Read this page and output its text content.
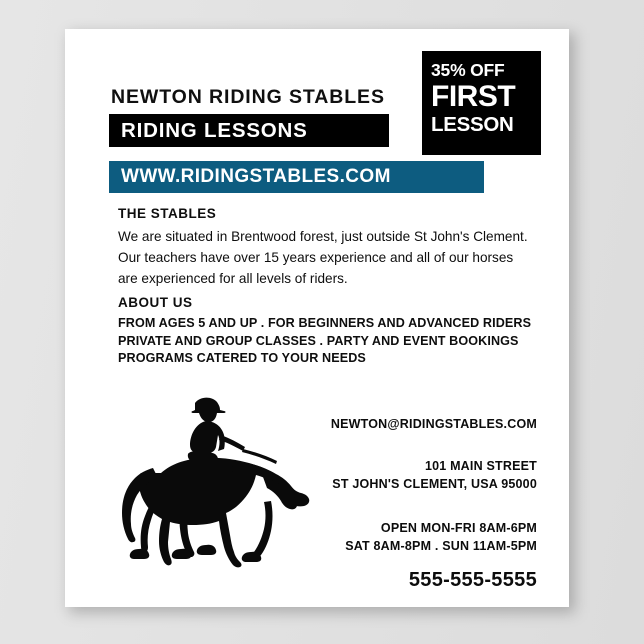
35% OFF
FIRST
LESSON
NEWTON RIDING STABLES
RIDING LESSONS
WWW.RIDINGSTABLES.COM
THE STABLES
We are situated in Brentwood forest, just outside St John's Clement. Our teachers have over 15 years experience and all of our horses are experienced for all levels of riders.
ABOUT US
FROM AGES 5 AND UP . FOR BEGINNERS AND ADVANCED RIDERS
PRIVATE AND GROUP CLASSES . PARTY AND EVENT BOOKINGS
PROGRAMS CATERED TO YOUR NEEDS
NEWTON@RIDINGSTABLES.COM
101 MAIN STREET
ST JOHN'S CLEMENT, USA 95000
OPEN MON-FRI 8AM-6PM
SAT 8AM-8PM . SUN 11AM-5PM
555-555-5555
